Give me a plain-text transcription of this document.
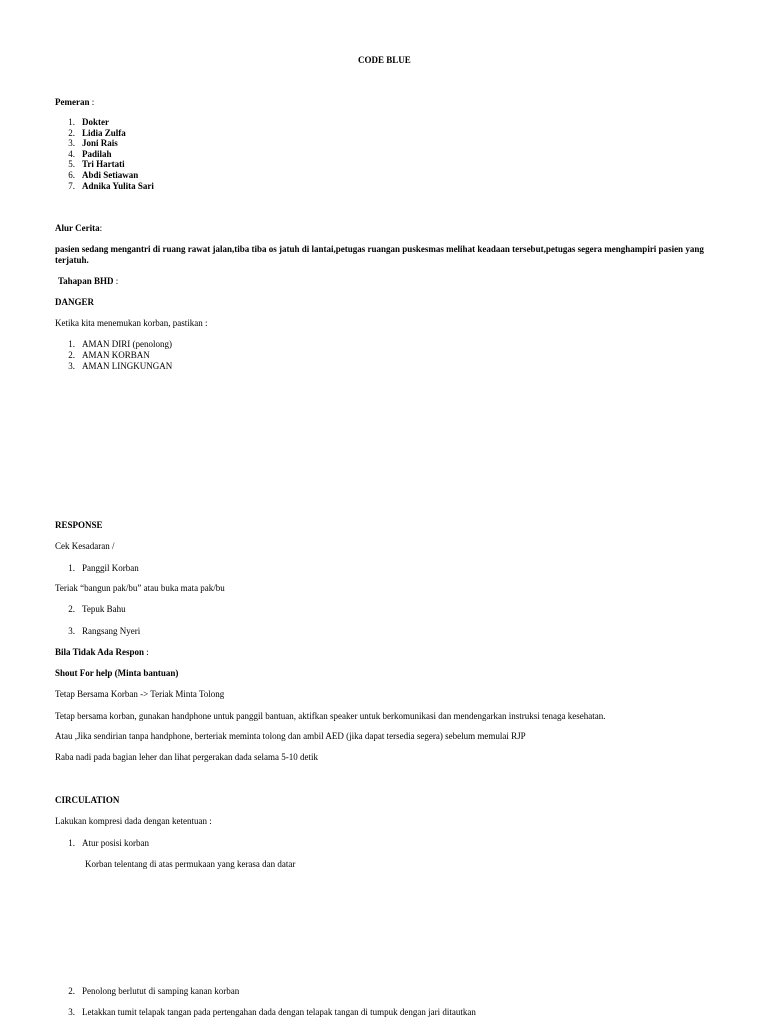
CODE BLUE
Pemeran :
1. Dokter
2. Lidia Zulfa
3. Joni Rais
4. Padilah
5. Tri Hartati
6. Abdi Setiawan
7. Adnika Yulita Sari
Alur Cerita:
pasien sedang mengantri di ruang rawat jalan,tiba tiba os jatuh di lantai,petugas ruangan puskesmas melihat keadaan tersebut,petugas segera menghampiri pasien yang terjatuh.
Tahapan BHD :
DANGER
Ketika kita menemukan korban, pastikan :
1. AMAN DIRI (penolong)
2. AMAN KORBAN
3. AMAN LINGKUNGAN
RESPONSE
Cek Kesadaran /
1. Panggil Korban
Teriak “bangun pak/bu” atau buka mata pak/bu
2. Tepuk Bahu
3. Rangsang Nyeri
Bila Tidak Ada Respon :
Shout For help (Minta bantuan)
Tetap Bersama Korban -> Teriak Minta Tolong
Tetap bersama korban, gunakan handphone untuk panggil bantuan, aktifkan speaker untuk berkomunikasi dan mendengarkan instruksi tenaga kesehatan.
Atau ,Jika sendirian tanpa handphone, berteriak meminta tolong dan ambil AED (jika dapat tersedia segera) sebelum memulai RJP
Raba nadi pada bagian leher dan lihat pergerakan dada selama 5-10 detik
CIRCULATION
Lakukan kompresi dada dengan ketentuan :
1. Atur posisi korban
Korban telentang di atas permukaan yang kerasa dan datar
2. Penolong berlutut di samping kanan korban
3. Letakkan tumit telapak tangan pada pertengahan dada dengan telapak tangan di tumpuk dengan jari ditautkan
